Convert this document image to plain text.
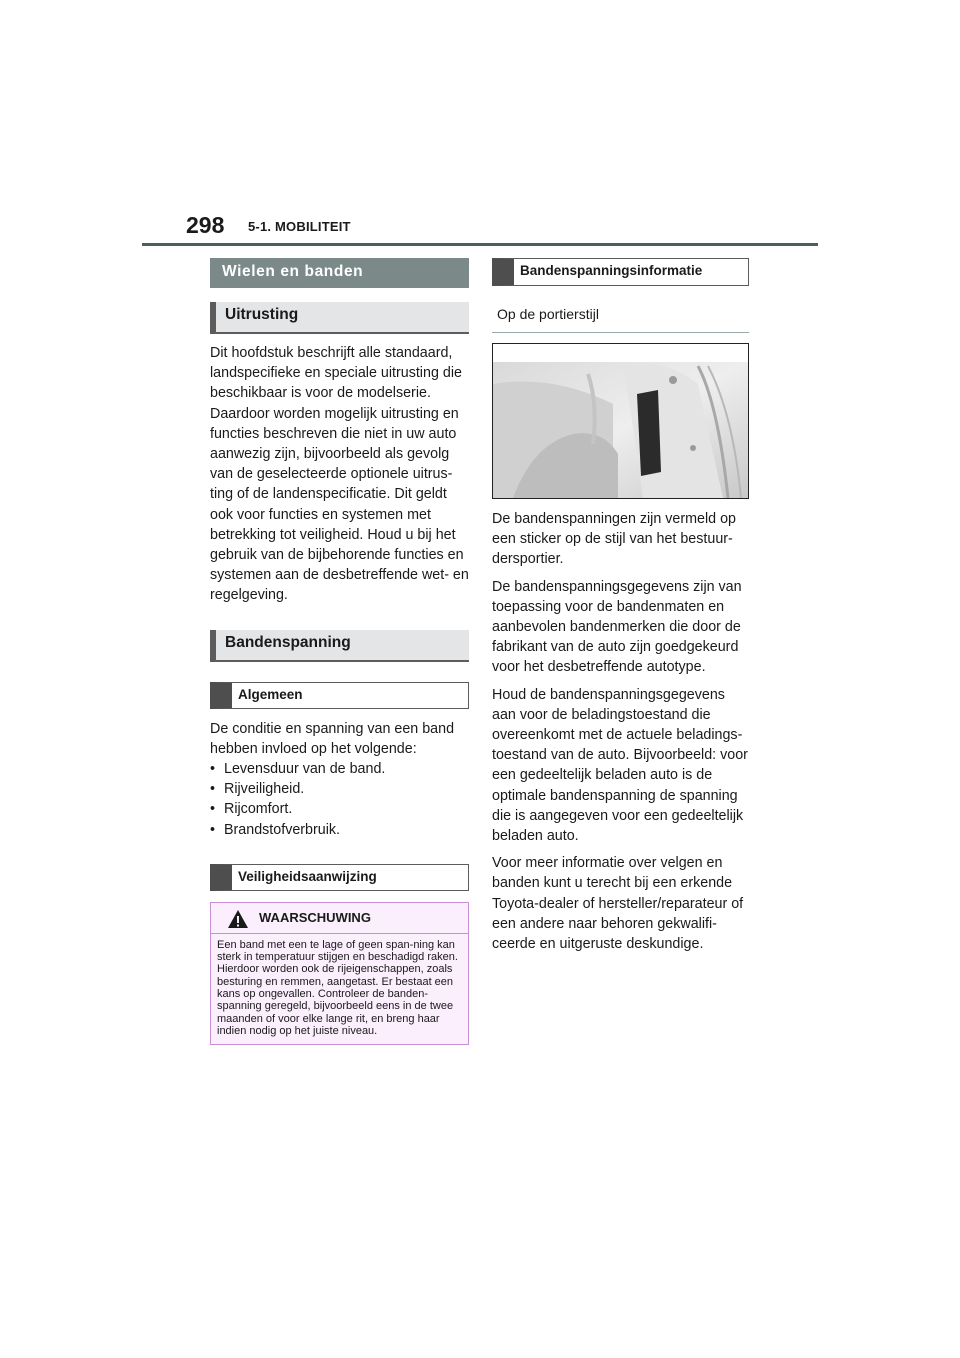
298 5-1. MOBILITEIT
Wielen en banden
Uitrusting

Dit hoofdstuk beschrijft alle standaard, landspecifieke en speciale uitrusting die beschikbaar is voor de modelserie. Daardoor worden mogelijk uitrusting en functies beschreven die niet in uw auto aanwezig zijn, bijvoorbeeld als gevolg van de geselecteerde optionele uitrus-ting of de landenspecificatie. Dit geldt ook voor functies en systemen met betrekking tot veiligheid. Houd u bij het gebruik van de bijbehorende functies en systemen aan de desbetreffende wet- en regelgeving.

Bandenspanning
Algemeen

De conditie en spanning van een band hebben invloed op het volgende:

• Levensduur van de band.
• Rijveiligheid.
• Rijcomfort.
• Brandstofverbruik.
Veiligheidsaanwijzing
WAARSCHUWING
Een band met een te lage of geen span-ning kan sterk in temperatuur stijgen en beschadigd raken. Hierdoor worden ook de rijeigenschappen, zoals besturing en remmen, aangetast. Er bestaat een kans op ongevallen. Controleer de banden-spanning geregeld, bijvoorbeeld eens in de twee maanden of voor elke lange rit, en breng haar indien nodig op het juiste niveau.
Bandenspanningsinformatie
Op de portierstijl

De bandenspanningen zijn vermeld op een sticker op de stijl van het bestuur-dersportier.

De bandenspanningsgegevens zijn van toepassing voor de bandenmaten en aanbevolen bandenmerken die door de fabrikant van de auto zijn goedgekeurd voor het desbetreffende autotype.

Houd de bandenspanningsgegevens aan voor de beladingstoestand die overeenkomt met de actuele beladings-toestand van de auto. Bijvoorbeeld: voor een gedeeltelijk beladen auto is de optimale bandenspanning de spanning die is aangegeven voor een gedeeltelijk beladen auto.

Voor meer informatie over velgen en banden kunt u terecht bij een erkende Toyota-dealer of hersteller/reparateur of een andere naar behoren gekwalifi-ceerde en uitgeruste deskundige.
